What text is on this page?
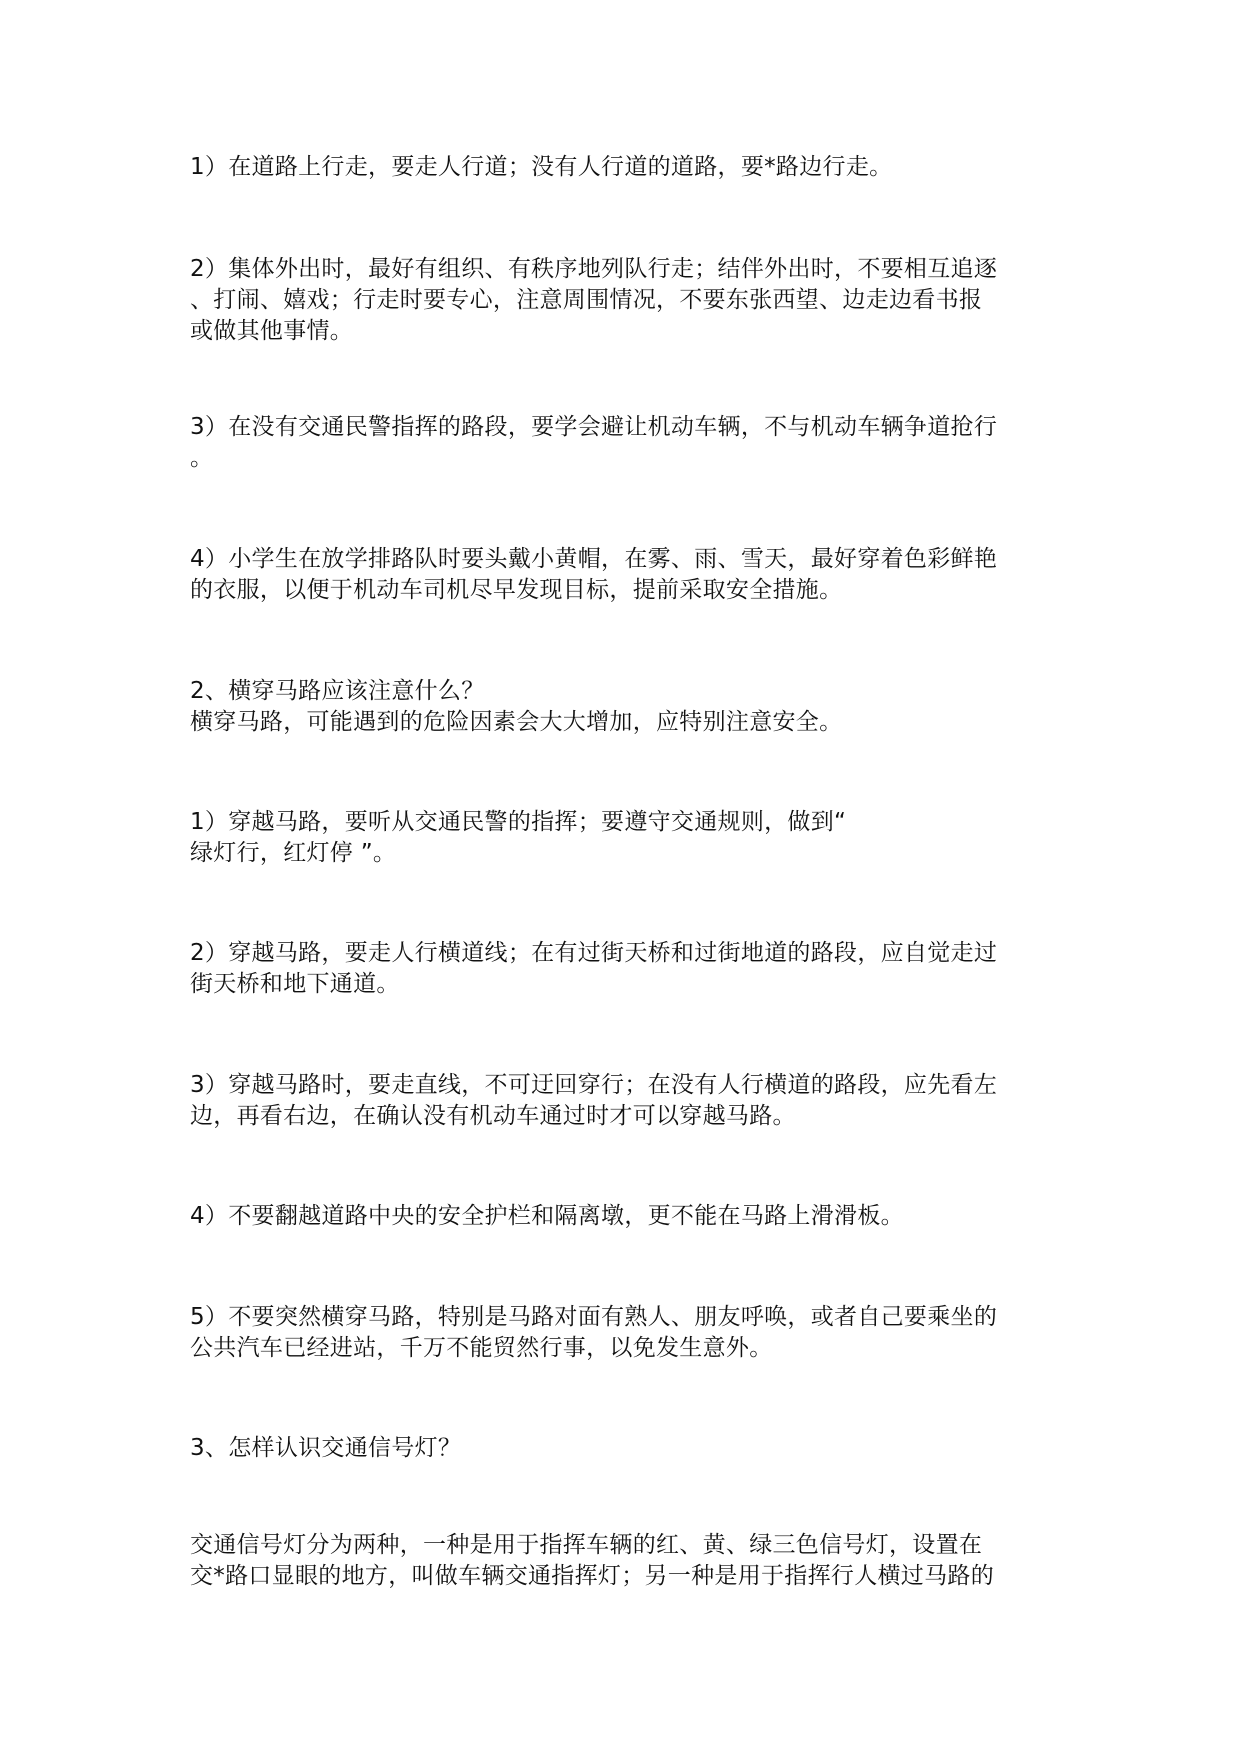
1）在道路上行走，要走人行道；没有人行道的道路，要*路边行走。
2）集体外出时，最好有组织、有秩序地列队行走；结伴外出时，不要相互追逐
、打闹、嬉戏；行走时要专心，注意周围情况，不要东张西望、边走边看书报
或做其他事情。
3）在没有交通民警指挥的路段，要学会避让机动车辆，不与机动车辆争道抢行
。
4）小学生在放学排路队时要头戴小黄帽，在雾、雨、雪天，最好穿着色彩鲜艳
的衣服，以便于机动车司机尽早发现目标，提前采取安全措施。
2、横穿马路应该注意什么？
横穿马路，可能遇到的危险因素会大大增加，应特别注意安全。
1）穿越马路，要听从交通民警的指挥；要遵守交通规则，做到“
绿灯行，红灯停 ”。
2）穿越马路，要走人行横道线；在有过街天桥和过街地道的路段，应自觉走过
街天桥和地下通道。
3）穿越马路时，要走直线，不可迂回穿行；在没有人行横道的路段，应先看左
边，再看右边，在确认没有机动车通过时才可以穿越马路。
4）不要翻越道路中央的安全护栏和隔离墩，更不能在马路上滑滑板。
5）不要突然横穿马路，特别是马路对面有熟人、朋友呼唤，或者自己要乘坐的
公共汽车已经进站，千万不能贸然行事，以免发生意外。
3、怎样认识交通信号灯？
交通信号灯分为两种，一种是用于指挥车辆的红、黄、绿三色信号灯，设置在
交*路口显眼的地方，叫做车辆交通指挥灯；另一种是用于指挥行人横过马路的
